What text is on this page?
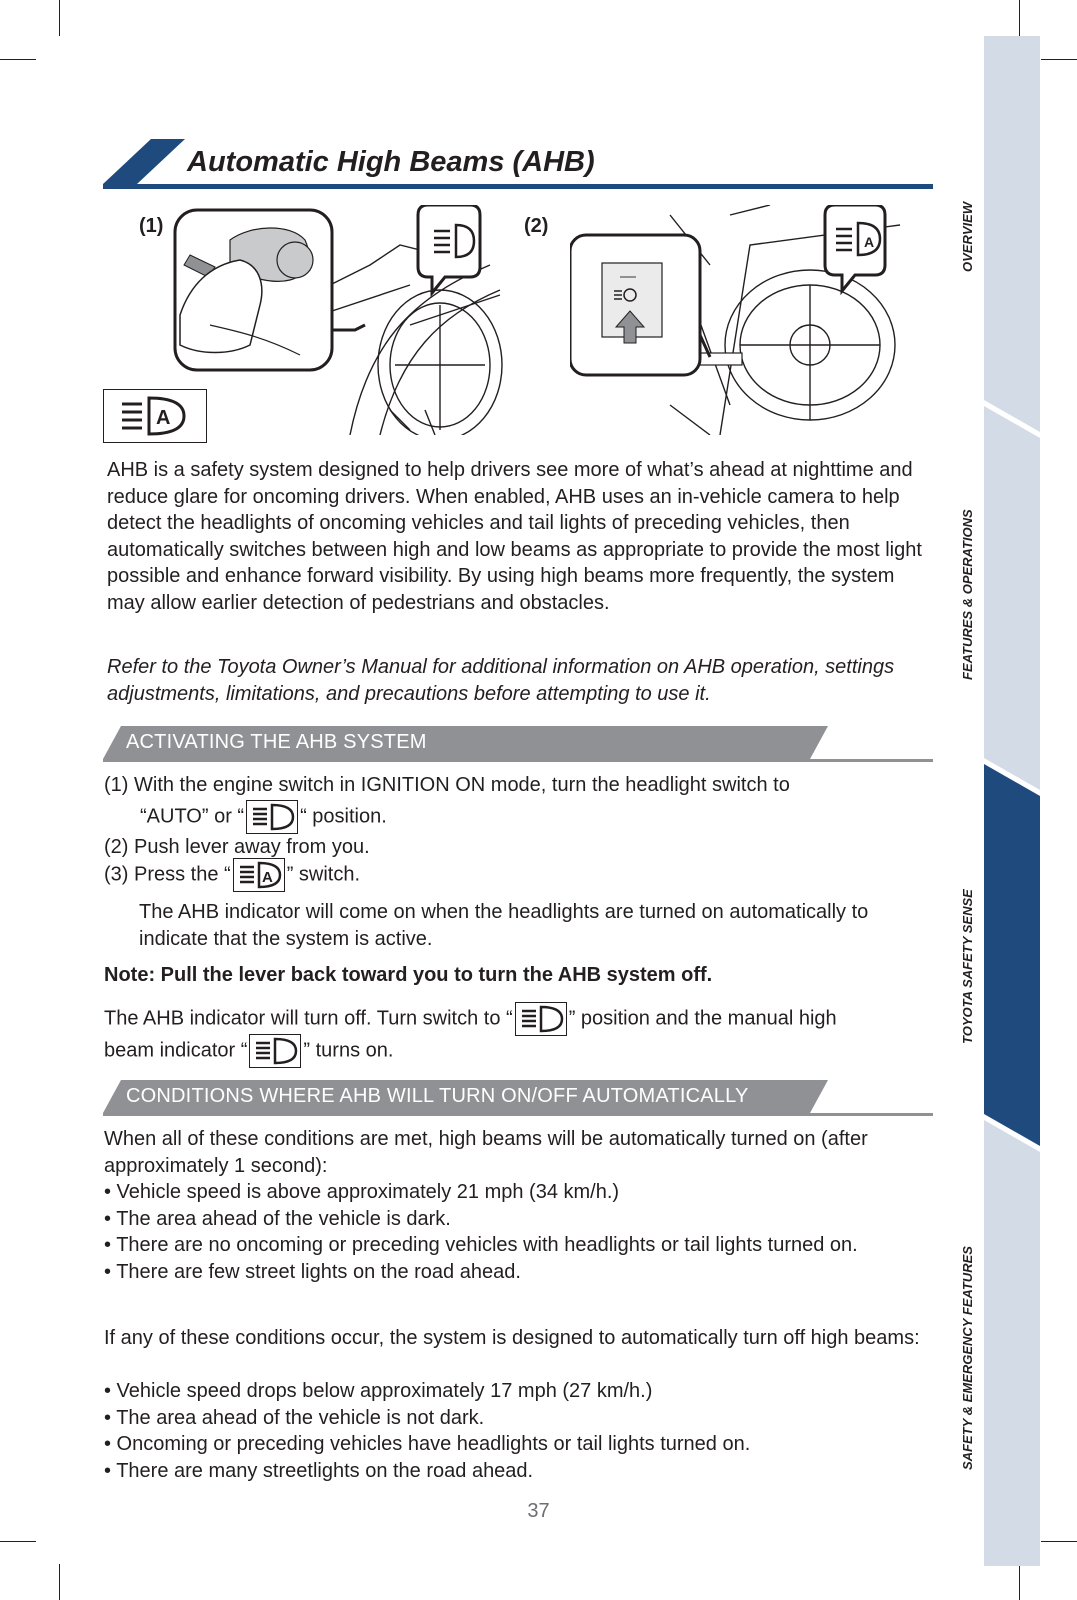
OVERVIEW
FEATURES & OPERATIONS
TOYOTA SAFETY SENSE
SAFETY & EMERGENCY FEATURES
Automatic High Beams (AHB)
(1)	(2)
A
A

AHB is a safety system designed to help drivers see more of what’s ahead at nighttime and reduce glare for oncoming drivers. When enabled, AHB uses an in-vehicle camera to help detect the headlights of oncoming vehicles and tail lights of preceding vehicles, then automatically switches between high and low beams as appropriate to provide the most light possible and enhance forward visibility. By using high beams more frequently, the system may allow earlier detection of pedestrians and obstacles.

Refer to the Toyota Owner’s Manual for additional information on AHB operation, settings adjustments, limitations, and precautions before attempting to use it.

ACTIVATING THE AHB SYSTEM
(1) With the engine switch in IGNITION ON mode, turn the headlight switch to
“AUTO” or “	“ position.
(2) Push lever away from you.
(3) Press the “ A ” switch.

The AHB indicator will come on when the headlights are turned on automatically to indicate that the system is active.

Note: Pull the lever back toward you to turn the AHB system off.

The AHB indicator will turn off. Turn switch to “	” position and the manual high
beam indicator “	” turns on.
CONDITIONS WHERE AHB WILL TURN ON/OFF AUTOMATICALLY

When all of these conditions are met, high beams will be automatically turned on (after approximately 1 second):

• Vehicle speed is above approximately 21 mph (34 km/h.)
• The area ahead of the vehicle is dark.
• There are no oncoming or preceding vehicles with headlights or tail lights turned on.
• There are few street lights on the road ahead.

If any of these conditions occur, the system is designed to automatically turn off high beams:

• Vehicle speed drops below approximately 17 mph (27 km/h.)
• The area ahead of the vehicle is not dark.
• Oncoming or preceding vehicles have headlights or tail lights turned on.
• There are many streetlights on the road ahead.

37
